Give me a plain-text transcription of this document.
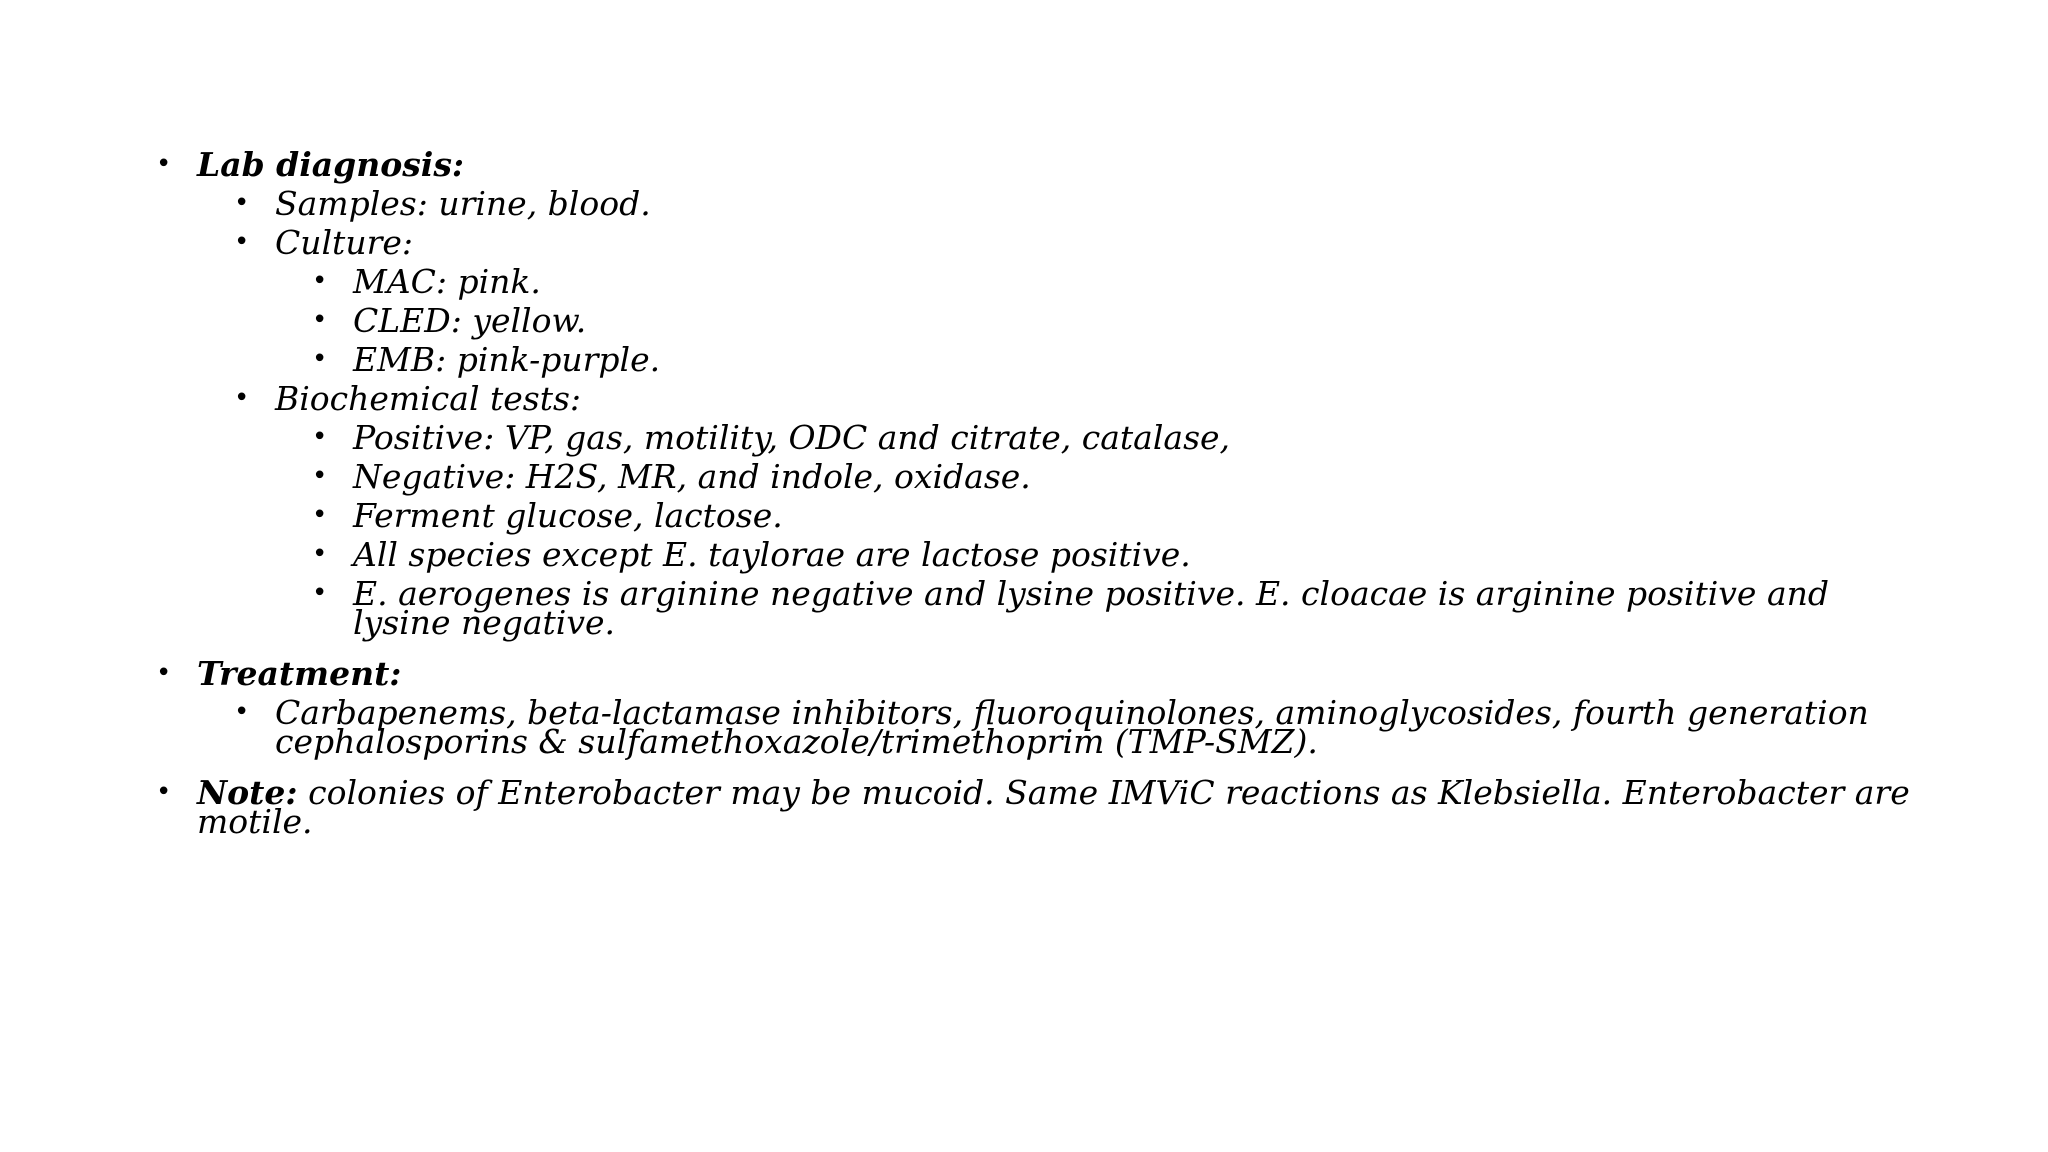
• Lab diagnosis:
• Samples: urine, blood.
• Culture:
• MAC: pink.
• CLED: yellow.
• EMB: pink-purple.
• Biochemical tests:
• Positive: VP, gas, motility, ODC and citrate, catalase,
• Negative: H2S, MR, and indole, oxidase.
• Ferment glucose, lactose.
• All species except E. taylorae are lactose positive.
• E. aerogenes is arginine negative and lysine positive. E. cloacae is arginine positive and lysine negative.
• Treatment:
• Carbapenems, beta-lactamase inhibitors, fluoroquinolones, aminoglycosides, fourth generation cephalosporins & sulfamethoxazole/trimethoprim (TMP-SMZ).
• Note: colonies of Enterobacter may be mucoid. Same IMViC reactions as Klebsiella. Enterobacter are motile.
